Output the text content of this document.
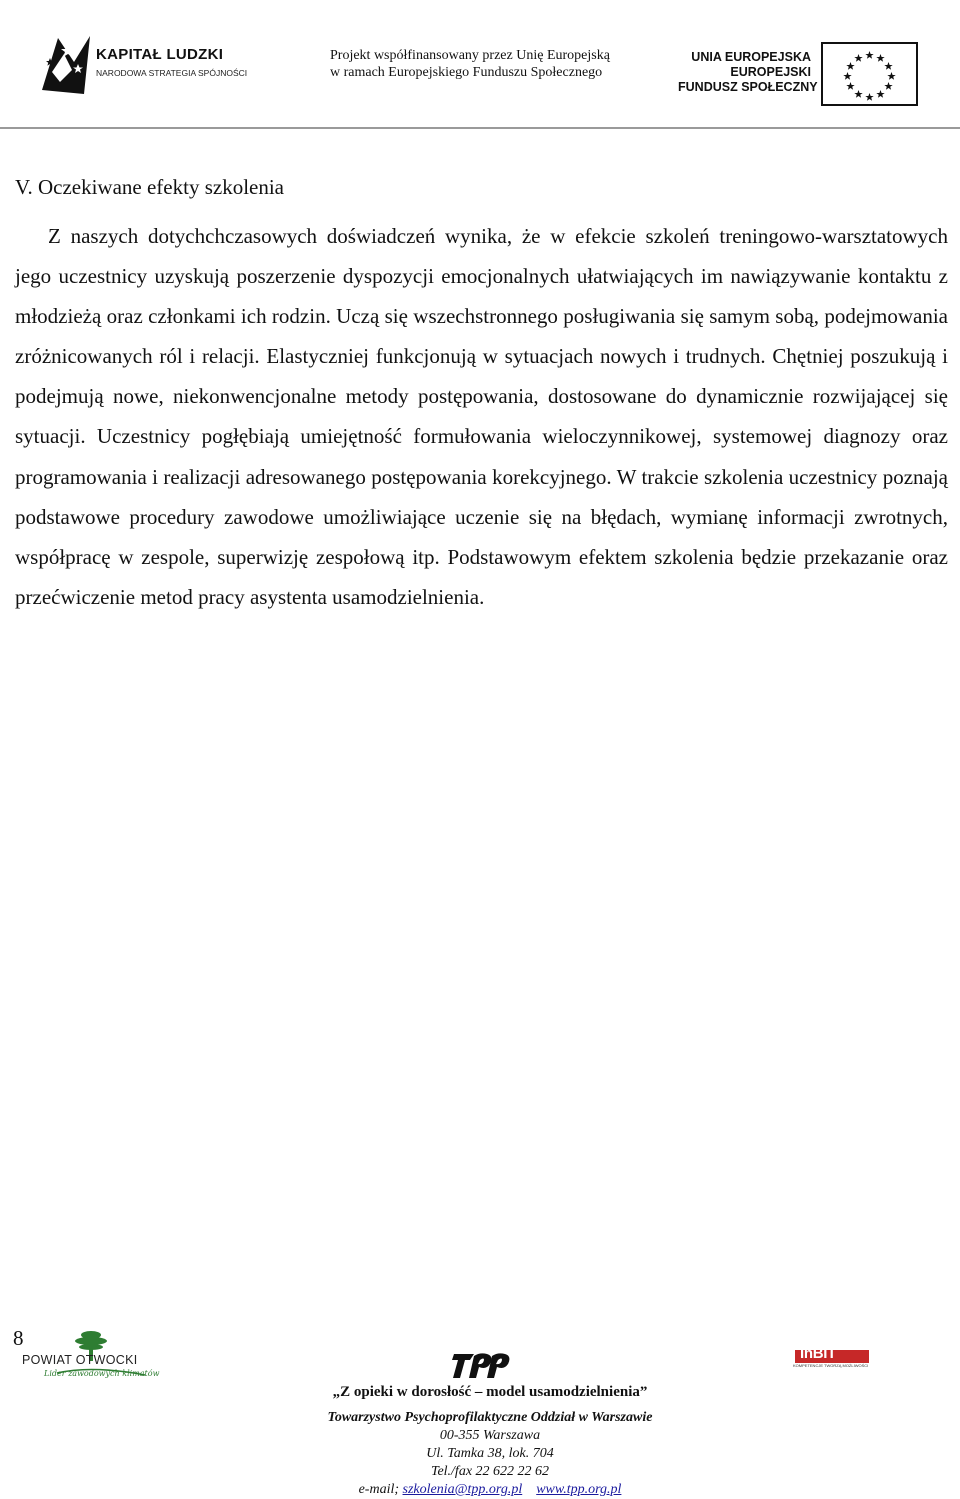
KAPITAŁ LUDZKI
NARODOWA STRATEGIA SPÓJNOŚCI
Projekt współfinansowany przez Unię Europejską
w ramach Europejskiego Funduszu Społecznego
UNIA EUROPEJSKA
EUROPEJSKI
FUNDUSZ SPOŁECZNY
V. Oczekiwane efekty szkolenia

Z naszych dotychchczasowych doświadczeń wynika, że w efekcie szkoleń treningowo-warsztatowych jego uczestnicy uzyskują poszerzenie dyspozycji emocjonalnych ułatwiających im nawiązywanie kontaktu z młodzieżą oraz członkami ich rodzin. Uczą się wszechstronnego posługiwania się samym sobą, podejmowania zróżnicowanych ról i relacji. Elastyczniej funkcjonują w sytuacjach nowych i trudnych. Chętniej poszukują i podejmują nowe, niekonwencjonalne metody postępowania, dostosowane do dynamicznie rozwijającej się sytuacji. Uczestnicy pogłębiają umiejętność formułowania wieloczynnikowej, systemowej diagnozy oraz programowania i realizacji adresowanego postępowania korekcyjnego. W trakcie szkolenia uczestnicy poznają podstawowe procedury zawodowe umożliwiające uczenie się na błędach, wymianę informacji zwrotnych, współpracę w zespole, superwizję zespołową itp. Podstawowym efektem szkolenia będzie przekazanie oraz przećwiczenie metod pracy asystenta usamodzielnienia.

8
POWIAT OTWOCKI
Lider zawodowych klimatów
InBIT
KOMPETENCJE TWORZĄ MOŻLIWOŚCI
„Z opieki w dorosłość – model usamodzielnienia”
Towarzystwo Psychoprofilaktyczne Oddział w Warszawie
00-355 Warszawa
Ul. Tamka 38, lok. 704
Tel./fax 22 622 22 62
e-mail; szkolenia@tpp.org.pl www.tpp.org.pl
